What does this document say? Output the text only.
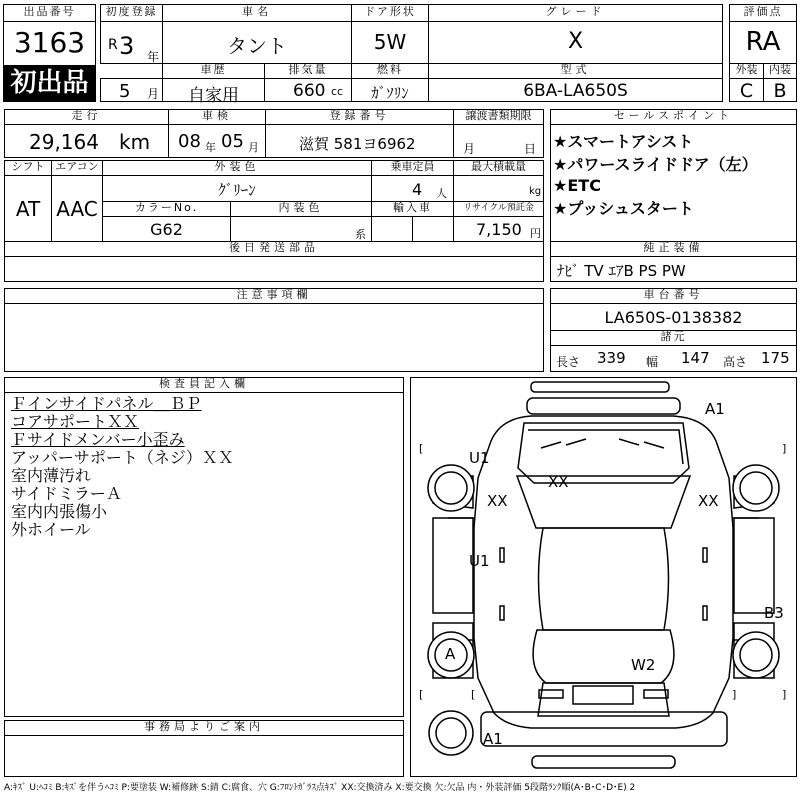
出品番号
3163
初出品
初度登録
R 3 年
5 月
車名
タント
ドア形状
5W
グレード
X
評価点
RA
車歴
自家用
排気量
660 cc
燃料
ｶﾞｿﾘﾝ
型式
6BA-LA650S
外装	内装
C	B
走行
29,164 km
車検
08 年 05 月
登録番号
滋賀 581ヨ6962
譲渡書類期限
月	日
セールスポイント
★スマートアシスト
★パワースライドドア（左）
★ETC
★プッシュスタート
シフト
AT
エアコン
AAC
外装色
ｸﾞﾘｰﾝ
乗車定員
4 人
最大積載量
kg
カラーNo.
G62
内装色
系
輸入車	リサイクル預託金
7,150 円
後日発送部品	純正装備
ﾅﾋﾞ TV ｴｱB PS PW
注意事項欄	車台番号
LA650S-0138382
諸元
長さ 339 幅 147 高さ 175
検査員記入欄
Ｆインサイドパネル＿ＢＰ
コアサポートＸＸ
Ｆサイドメンバー小歪み
アッパーサポート（ネジ）ＸＸ
室内薄汚れ
サイドミラーＡ
室内内張傷小
外ホイール
事務局よりご案内
[	]
[	]
[	]
A1
U1
XX
XX
XX
U1
B3
A
W2
A1
A:ｷｽﾞ U:ﾍｺﾐ B:ｷｽﾞを伴うﾍｺﾐ P:要塗装 W:補修跡 S:錆 C:腐食、穴 G:ﾌﾛﾝﾄｶﾞﾗｽ点ｷｽﾞ XX:交換済み X:要交換 欠:欠品 内・外装評価 5段階ﾗﾝｸ順(A･B･C･D･E) 2
